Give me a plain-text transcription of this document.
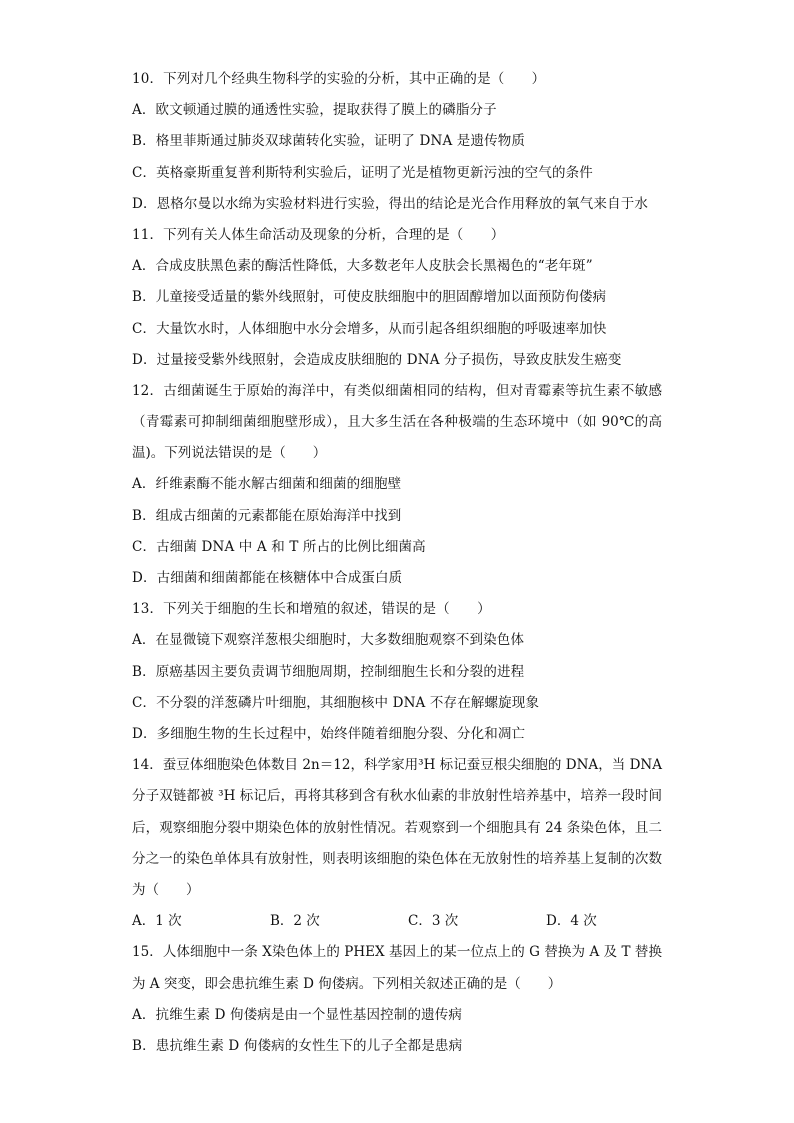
10．下列对几个经典生物科学的实验的分析，其中正确的是（　　）
A．欧文顿通过膜的通透性实验，提取获得了膜上的磷脂分子
B．格里菲斯通过肺炎双球菌转化实验，证明了 DNA 是遗传物质
C．英格豪斯重复普利斯特利实验后，证明了光是植物更新污浊的空气的条件
D．恩格尔曼以水绵为实验材料进行实验，得出的结论是光合作用释放的氧气来自于水
11．下列有关人体生命活动及现象的分析，合理的是（　　）
A．合成皮肤黑色素的酶活性降低，大多数老年人皮肤会长黑褐色的“老年斑”
B．儿童接受适量的紫外线照射，可使皮肤细胞中的胆固醇增加以面预防佝偻病
C．大量饮水时，人体细胞中水分会增多，从而引起各组织细胞的呼吸速率加快
D．过量接受紫外线照射，会造成皮肤细胞的 DNA 分子损伤，导致皮肤发生癌变
12．古细菌诞生于原始的海洋中，有类似细菌相同的结构，但对青霉素等抗生素不敏感（青霉素可抑制细菌细胞壁形成），且大多生活在各种极端的生态环境中（如 90℃的高温)。下列说法错误的是（　　）
A．纤维素酶不能水解古细菌和细菌的细胞壁
B．组成古细菌的元素都能在原始海洋中找到
C．古细菌 DNA 中 A 和 T 所占的比例比细菌高
D．古细菌和细菌都能在核糖体中合成蛋白质
13．下列关于细胞的生长和增殖的叙述，错误的是（　　）
A．在显微镜下观察洋葱根尖细胞时，大多数细胞观察不到染色体
B．原癌基因主要负责调节细胞周期，控制细胞生长和分裂的进程
C．不分裂的洋葱磷片叶细胞，其细胞核中 DNA 不存在解螺旋现象
D．多细胞生物的生长过程中，始终伴随着细胞分裂、分化和凋亡
14．蚕豆体细胞染色体数目 2n＝12，科学家用³H 标记蚕豆根尖细胞的 DNA，当 DNA 分子双链都被 ³H 标记后，再将其移到含有秋水仙素的非放射性培养基中，培养一段时间后，观察细胞分裂中期染色体的放射性情况。若观察到一个细胞具有 24 条染色体，且二分之一的染色单体具有放射性，则表明该细胞的染色体在无放射性的培养基上复制的次数为（　　）
A．1 次	B．2 次	C．3 次	D．4 次
15．人体细胞中一条 X染色体上的 PHEX 基因上的某一位点上的 G 替换为 A 及 T 替换为 A 突变，即会患抗维生素 D 佝偻病。下列相关叙述正确的是（　　）
A．抗维生素 D 佝偻病是由一个显性基因控制的遗传病
B．患抗维生素 D 佝偻病的女性生下的儿子全都是患病
